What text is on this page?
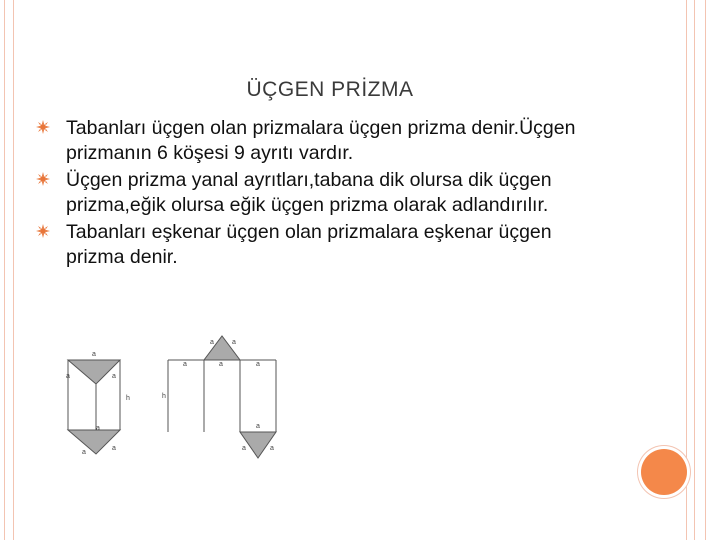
ÜÇGEN PRİZMA
Tabanları üçgen olan prizmalara üçgen prizma denir.Üçgen prizmanın 6 köşesi 9 ayrıtı vardır.
Üçgen prizma yanal ayrıtları,tabana dik olursa dik üçgen prizma,eğik olursa eğik üçgen prizma olarak adlandırılır.
Tabanları eşkenar üçgen olan prizmalara eşkenar üçgen prizma denir.
a
a	a
h
a
a
a
h
a	a	a
a	a
a
a	a
